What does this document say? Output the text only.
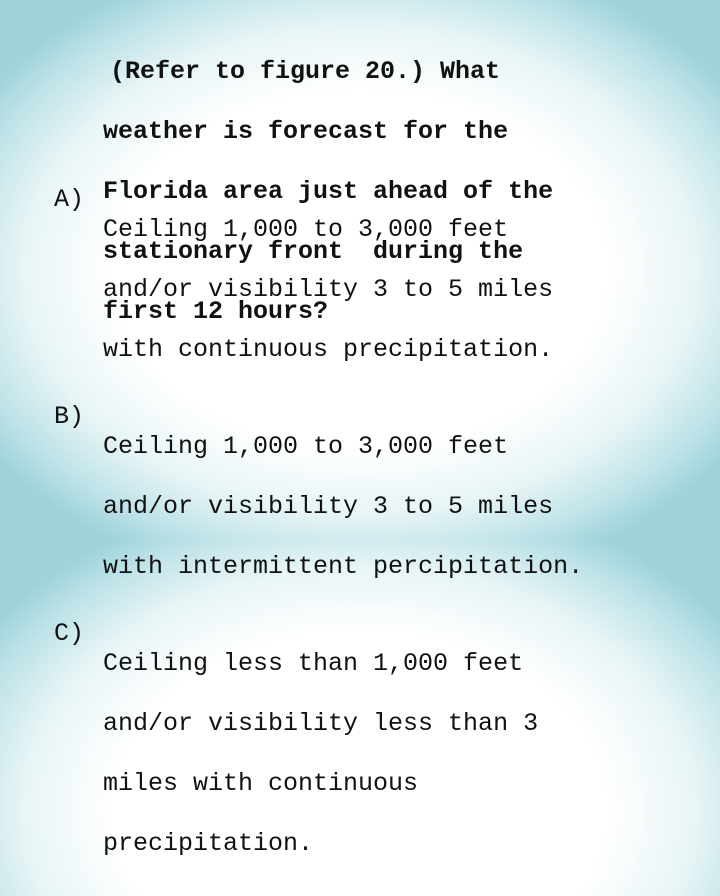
(Refer to figure 20.) What

weather is forecast for the

Florida area just ahead of the

stationary front  during the

first 12 hours?

A)

Ceiling 1,000 to 3,000 feet

and/or visibility 3 to 5 miles

with continuous precipitation.

B)

Ceiling 1,000 to 3,000 feet

and/or visibility 3 to 5 miles

with intermittent percipitation.

C)

Ceiling less than 1,000 feet

and/or visibility less than 3

miles with continuous

precipitation.
